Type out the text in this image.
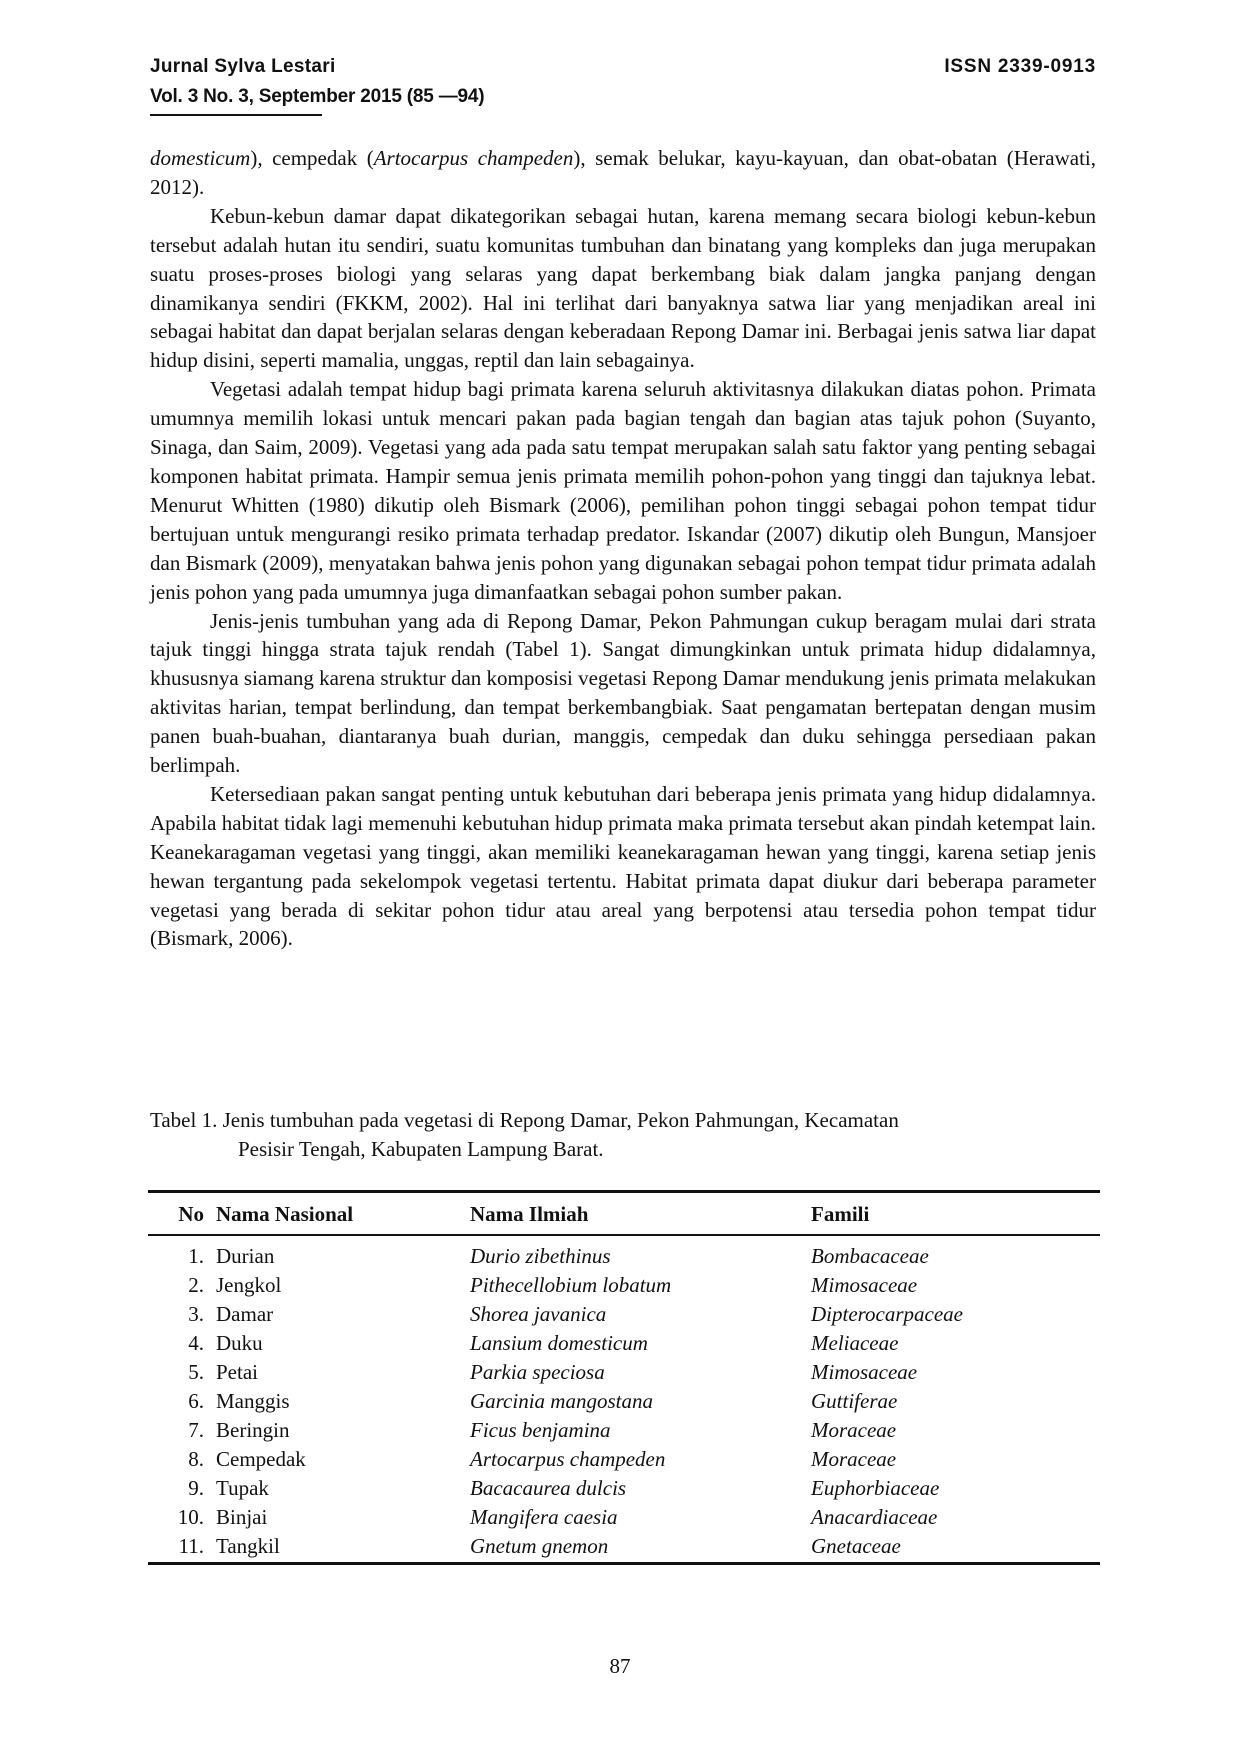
Jurnal Sylva Lestari
Vol. 3 No. 3, September 2015 (85 —94)
ISSN 2339-0913

domesticum), cempedak (Artocarpus champeden), semak belukar, kayu-kayuan, dan obat-obatan (Herawati, 2012).

Kebun-kebun damar dapat dikategorikan sebagai hutan, karena memang secara biologi kebun-kebun tersebut adalah hutan itu sendiri, suatu komunitas tumbuhan dan binatang yang kompleks dan juga merupakan suatu proses-proses biologi yang selaras yang dapat berkembang biak dalam jangka panjang dengan dinamikanya sendiri (FKKM, 2002). Hal ini terlihat dari banyaknya satwa liar yang menjadikan areal ini sebagai habitat dan dapat berjalan selaras dengan keberadaan Repong Damar ini. Berbagai jenis satwa liar dapat hidup disini, seperti mamalia, unggas, reptil dan lain sebagainya.

Vegetasi adalah tempat hidup bagi primata karena seluruh aktivitasnya dilakukan diatas pohon. Primata umumnya memilih lokasi untuk mencari pakan pada bagian tengah dan bagian atas tajuk pohon (Suyanto, Sinaga, dan Saim, 2009). Vegetasi yang ada pada satu tempat merupakan salah satu faktor yang penting sebagai komponen habitat primata. Hampir semua jenis primata memilih pohon-pohon yang tinggi dan tajuknya lebat. Menurut Whitten (1980) dikutip oleh Bismark (2006), pemilihan pohon tinggi sebagai pohon tempat tidur bertujuan untuk mengurangi resiko primata terhadap predator. Iskandar (2007) dikutip oleh Bungun, Mansjoer dan Bismark (2009), menyatakan bahwa jenis pohon yang digunakan sebagai pohon tempat tidur primata adalah jenis pohon yang pada umumnya juga dimanfaatkan sebagai pohon sumber pakan.

Jenis-jenis tumbuhan yang ada di Repong Damar, Pekon Pahmungan cukup beragam mulai dari strata tajuk tinggi hingga strata tajuk rendah (Tabel 1). Sangat dimungkinkan untuk primata hidup didalamnya, khususnya siamang karena struktur dan komposisi vegetasi Repong Damar mendukung jenis primata melakukan aktivitas harian, tempat berlindung, dan tempat berkembangbiak. Saat pengamatan bertepatan dengan musim panen buah-buahan, diantaranya buah durian, manggis, cempedak dan duku sehingga persediaan pakan berlimpah.

Ketersediaan pakan sangat penting untuk kebutuhan dari beberapa jenis primata yang hidup didalamnya. Apabila habitat tidak lagi memenuhi kebutuhan hidup primata maka primata tersebut akan pindah ketempat lain. Keanekaragaman vegetasi yang tinggi, akan memiliki keanekaragaman hewan yang tinggi, karena setiap jenis hewan tergantung pada sekelompok vegetasi tertentu. Habitat primata dapat diukur dari beberapa parameter vegetasi yang berada di sekitar pohon tidur atau areal yang berpotensi atau tersedia pohon tempat tidur (Bismark, 2006).

Tabel 1. Jenis tumbuhan pada vegetasi di Repong Damar, Pekon Pahmungan, Kecamatan
Pesisir Tengah, Kabupaten Lampung Barat.
No	Nama Nasional	Nama Ilmiah	Famili
1.	Durian	Durio zibethinus	Bombacaceae
2.	Jengkol	Pithecellobium lobatum	Mimosaceae
3.	Damar	Shorea javanica	Dipterocarpaceae
4.	Duku	Lansium domesticum	Meliaceae
5.	Petai	Parkia speciosa	Mimosaceae
6.	Manggis	Garcinia mangostana	Guttiferae
7.	Beringin	Ficus benjamina	Moraceae
8.	Cempedak	Artocarpus champeden	Moraceae
9.	Tupak	Bacacaurea dulcis	Euphorbiaceae
10.	Binjai	Mangifera caesia	Anacardiaceae
11.	Tangkil	Gnetum gnemon	Gnetaceae
87
